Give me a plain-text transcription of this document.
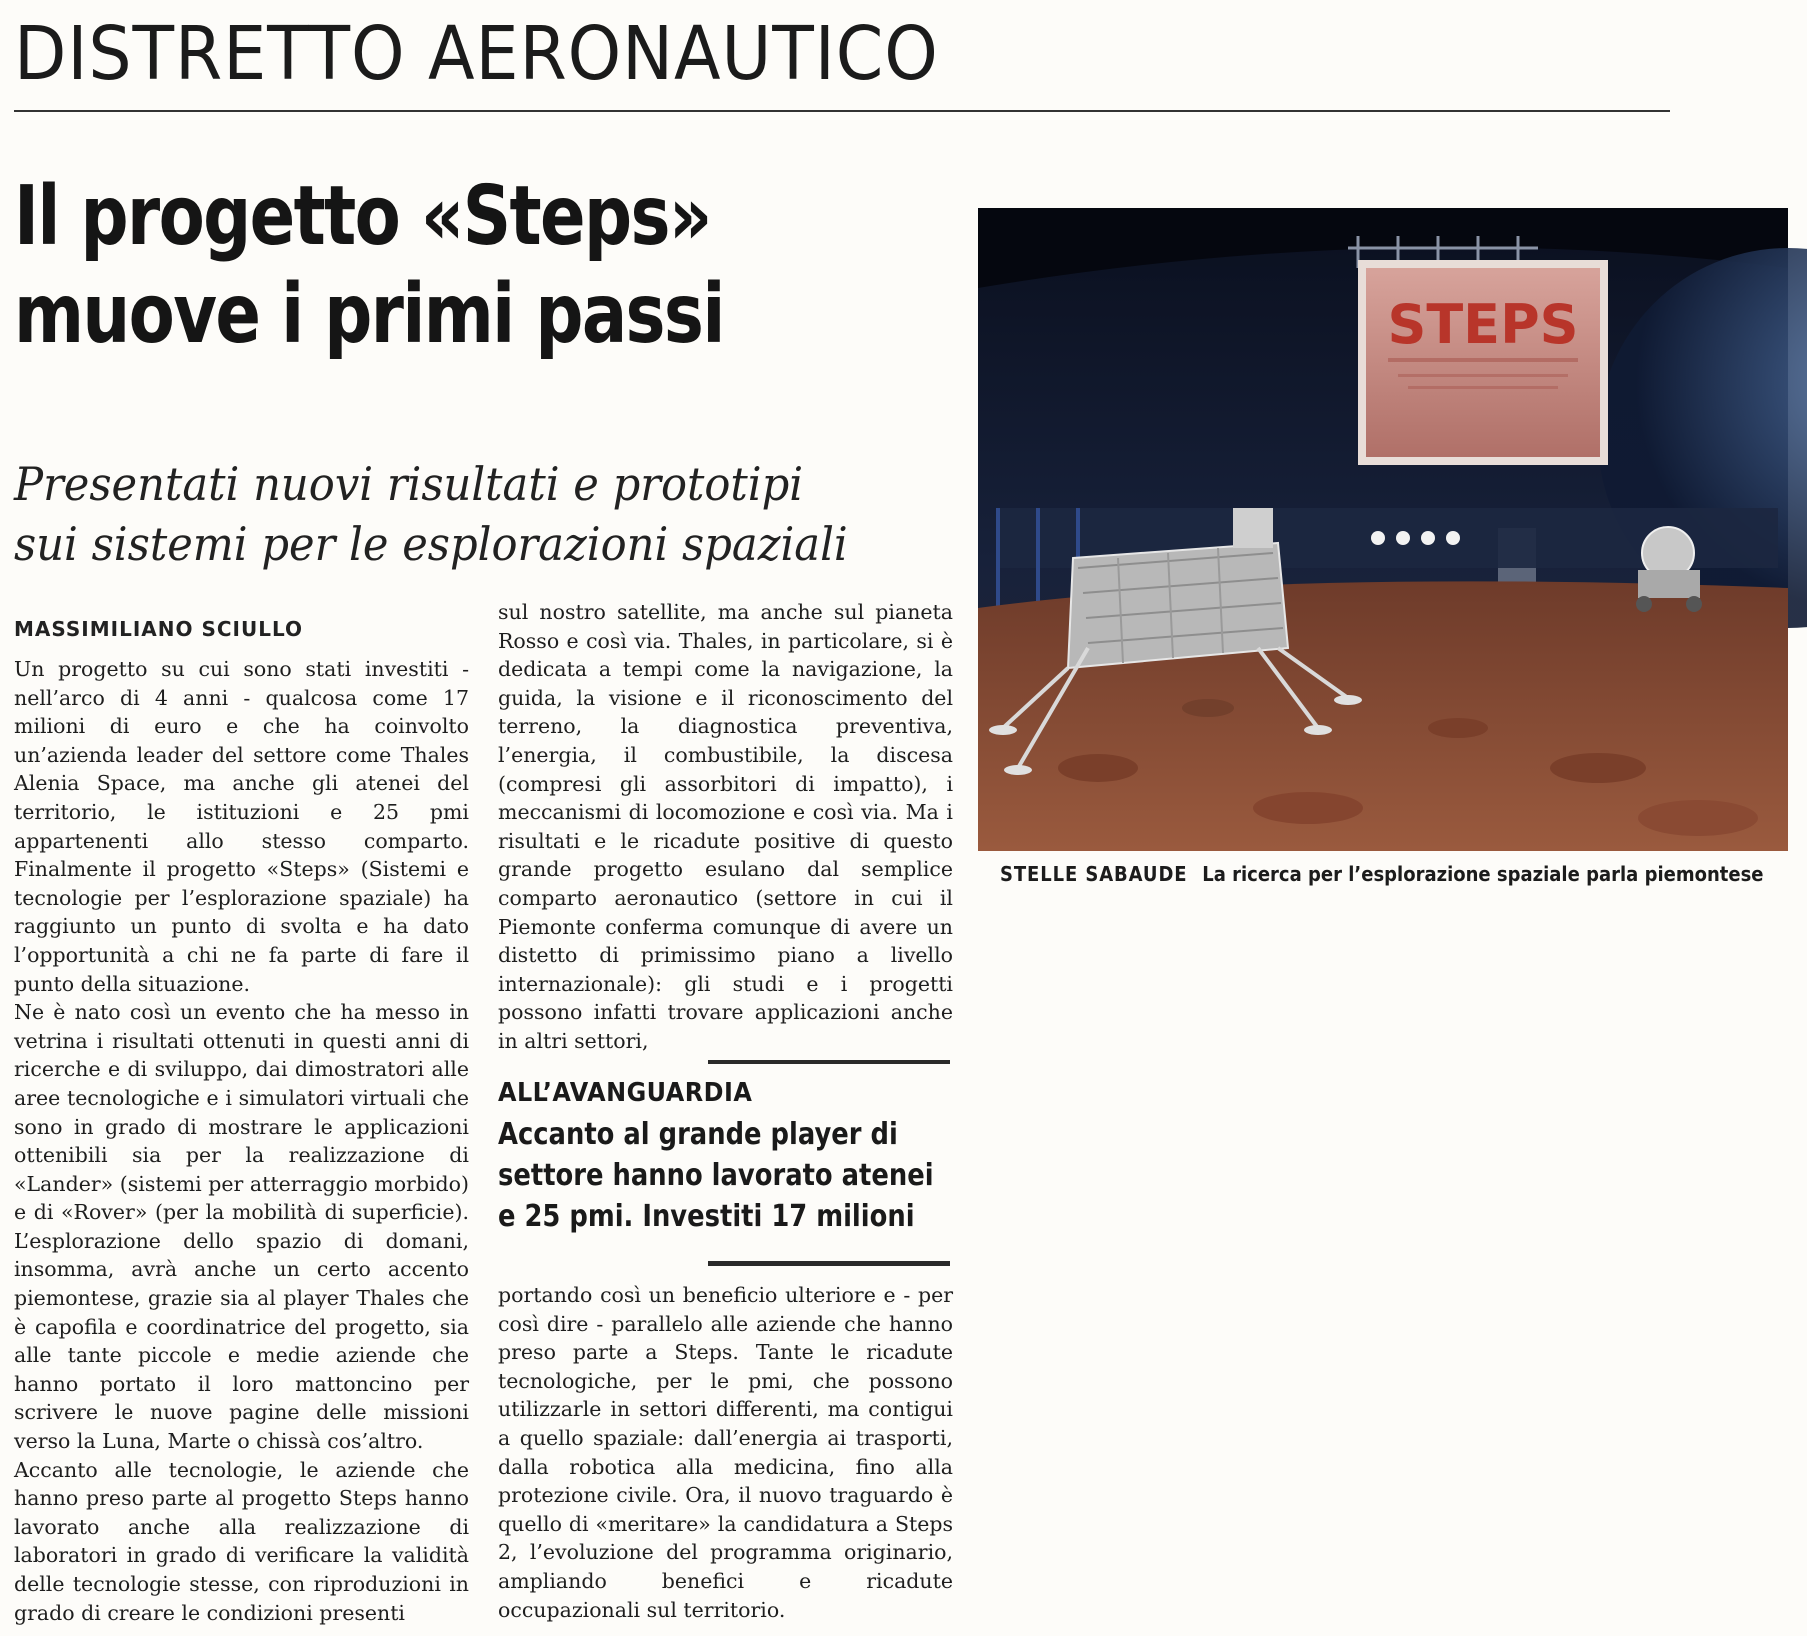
DISTRETTO AERONAUTICO
Il progetto «Steps»
muove i primi passi
Presentati nuovi risultati e prototipi
sui sistemi per le esplorazioni spaziali
MASSIMILIANO SCIULLO

Un progetto su cui sono stati investiti - nell’arco di 4 anni - qualcosa come 17 milioni di euro e che ha coinvolto un’azienda leader del settore come Thales Alenia Space, ma anche gli atenei del territorio, le istituzioni e 25 pmi appartenenti allo stesso comparto. Finalmente il progetto «Steps» (Sistemi e tecnologie per l’esplorazione spaziale) ha raggiunto un punto di svolta e ha dato l’opportunità a chi ne fa parte di fare il punto della situazione.

Ne è nato così un evento che ha messo in vetrina i risultati ottenuti in questi anni di ricerche e di sviluppo, dai dimostratori alle aree tecnologiche e i simulatori virtuali che sono in grado di mostrare le applicazioni ottenibili sia per la realizzazione di «Lander» (sistemi per atterraggio morbido) e di «Rover» (per la mobilità di superficie). L’esplorazione dello spazio di domani, insomma, avrà anche un certo accento piemontese, grazie sia al player Thales che è capofila e coordinatrice del progetto, sia alle tante piccole e medie aziende che hanno portato il loro mattoncino per scrivere le nuove pagine delle missioni verso la Luna, Marte o chissà cos’altro.

Accanto alle tecnologie, le aziende che hanno preso parte al progetto Steps hanno lavorato anche alla realizzazione di laboratori in grado di verificare la validità delle tecnologie stesse, con riproduzioni in grado di creare le condizioni presenti

sul nostro satellite, ma anche sul pianeta Rosso e così via. Thales, in particolare, si è dedicata a tempi come la navigazione, la guida, la visione e il riconoscimento del terreno, la diagnostica preventiva, l’energia, il combustibile, la discesa (compresi gli assorbitori di impatto), i meccanismi di locomozione e così via. Ma i risultati e le ricadute positive di questo grande progetto esulano dal semplice comparto aeronautico (settore in cui il Piemonte conferma comunque di avere un distetto di primissimo piano a livello internazionale): gli studi e i progetti possono infatti trovare applicazioni anche in altri settori,

ALL’AVANGUARDIA
Accanto al grande player di
settore hanno lavorato atenei
e 25 pmi. Investiti 17 milioni

portando così un beneficio ulteriore e - per così dire - parallelo alle aziende che hanno preso parte a Steps. Tante le ricadute tecnologiche, per le pmi, che possono utilizzarle in settori differenti, ma contigui a quello spaziale: dall’energia ai trasporti, dalla robotica alla medicina, fino alla protezione civile. Ora, il nuovo traguardo è quello di «meritare» la candidatura a Steps 2, l’evoluzione del programma originario, ampliando benefici e ricadute occupazionali sul territorio.

STEPS
STELLE SABAUDE La ricerca per l’esplorazione spaziale parla piemontese
